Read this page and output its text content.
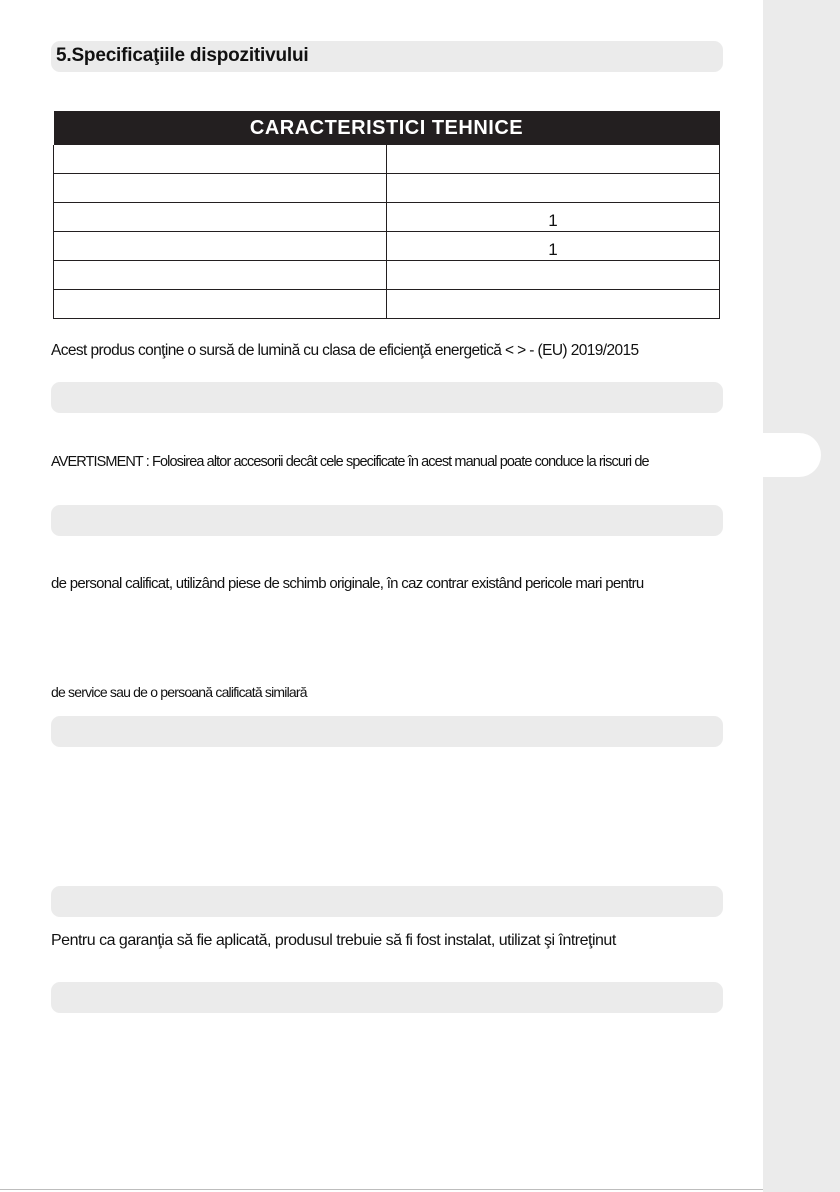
5.Specificaţiile dispozitivului
CARACTERISTICI TEHNICE	

	1
	1

Acest produs conţine o sursă de lumină cu clasa de eficienţă energetică < > - (EU) 2019/2015
AVERTISMENT : Folosirea altor accesorii decât cele specificate în acest manual poate conduce la riscuri de
de personal calificat, utilizând piese de schimb originale, în caz contrar existând pericole mari pentru
de service sau de o persoană calificată similară
Pentru ca garanţia să fie aplicată, produsul trebuie să fi fost instalat, utilizat şi întreţinut
